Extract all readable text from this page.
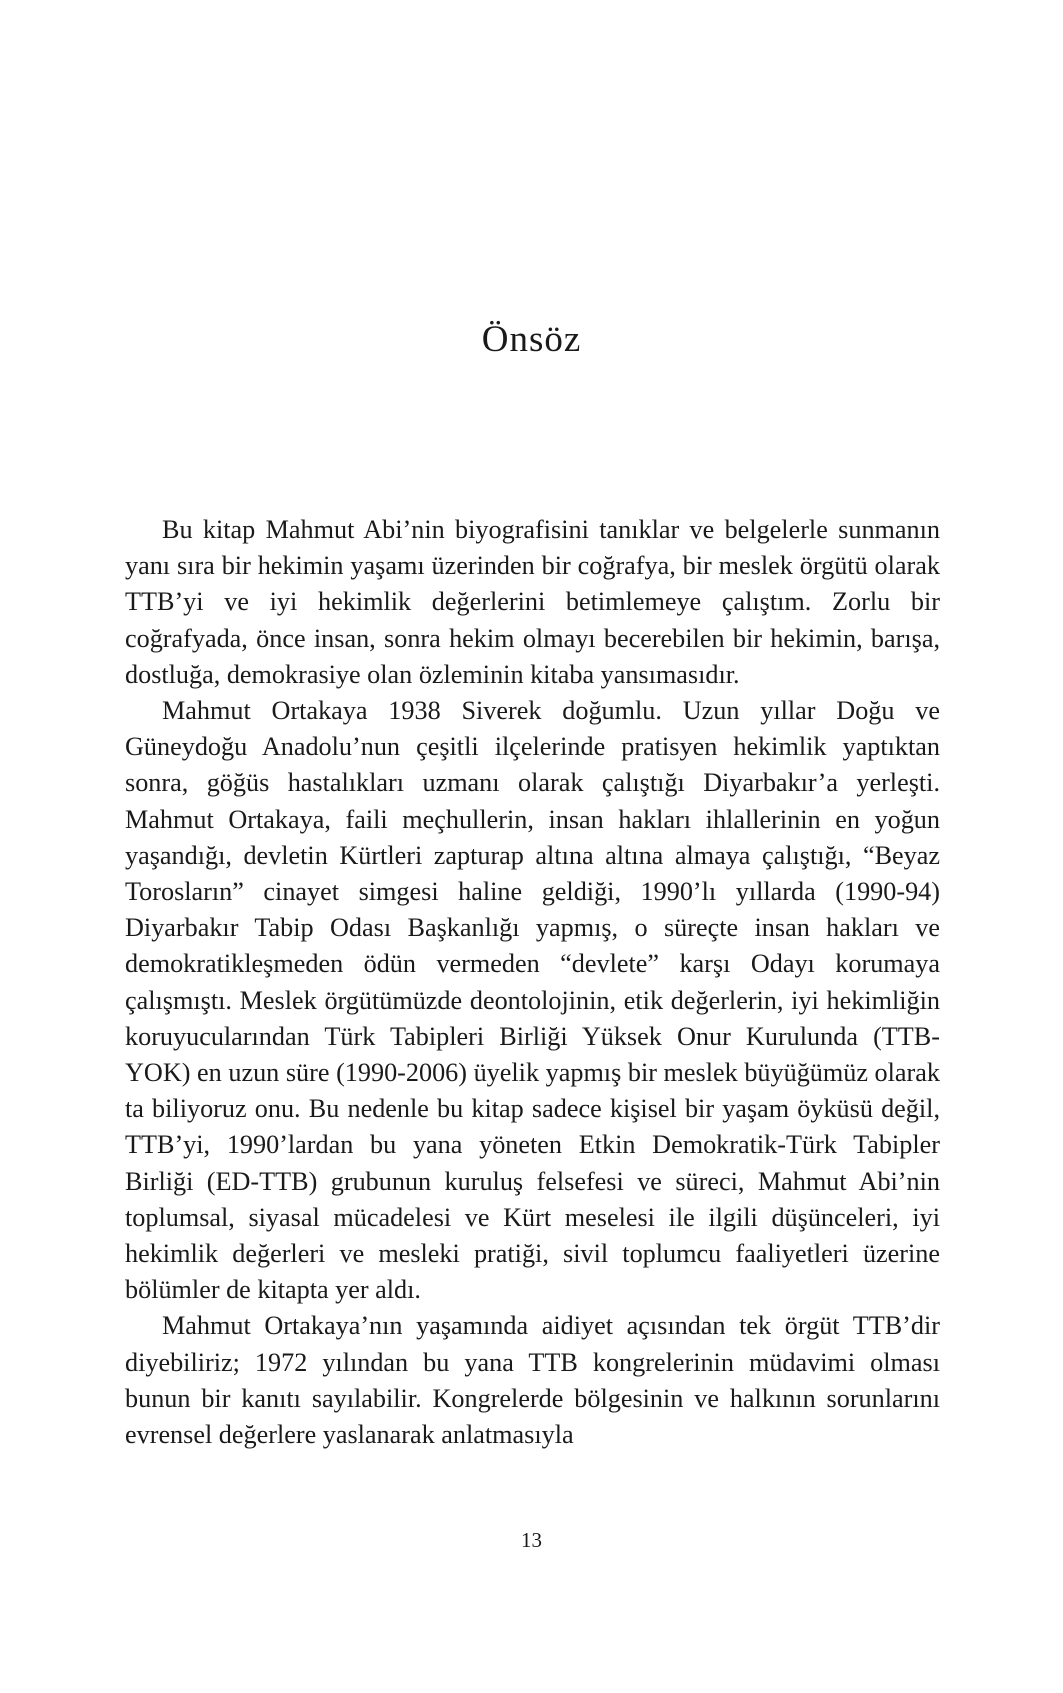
Önsöz

Bu kitap Mahmut Abi’nin biyografisini tanıklar ve belgelerle sunmanın yanı sıra bir hekimin yaşamı üzerinden bir coğrafya, bir meslek örgütü olarak TTB’yi ve iyi hekimlik değerlerini betimlemeye çalıştım. Zorlu bir coğrafyada, önce insan, sonra hekim olmayı becerebilen bir hekimin, barışa, dostluğa, demokrasiye olan özleminin kitaba yansımasıdır.

Mahmut Ortakaya 1938 Siverek doğumlu. Uzun yıllar Doğu ve Güneydoğu Anadolu’nun çeşitli ilçelerinde pratisyen hekimlik yaptıktan sonra, göğüs hastalıkları uzmanı olarak çalıştığı Diyarbakır’a yerleşti. Mahmut Ortakaya, faili meçhullerin, insan hakları ihlallerinin en yoğun yaşandığı, devletin Kürtleri zapturap altına altına almaya çalıştığı, “Beyaz Torosların” cinayet simgesi haline geldiği, 1990’lı yıllarda (1990-94) Diyarbakır Tabip Odası Başkanlığı yapmış, o süreçte insan hakları ve demokratikleşmeden ödün vermeden “devlete” karşı Odayı korumaya çalışmıştı. Meslek örgütümüzde deontolojinin, etik değerlerin, iyi hekimliğin koruyucularından Türk Tabipleri Birliği Yüksek Onur Kurulunda (TTB-YOK) en uzun süre (1990-2006) üyelik yapmış bir meslek büyüğümüz olarak ta biliyoruz onu. Bu nedenle bu kitap sadece kişisel bir yaşam öyküsü değil, TTB’yi, 1990’lardan bu yana yöneten Etkin Demokratik-Türk Tabipler Birliği (ED-TTB) grubunun kuruluş felsefesi ve süreci, Mahmut Abi’nin toplumsal, siyasal mücadelesi ve Kürt meselesi ile ilgili düşünceleri, iyi hekimlik değerleri ve mesleki pratiği, sivil toplumcu faaliyetleri üzerine bölümler de kitapta yer aldı.

Mahmut Ortakaya’nın yaşamında aidiyet açısından tek örgüt TTB’dir diyebiliriz; 1972 yılından bu yana TTB kongrelerinin müdavimi olması bunun bir kanıtı sayılabilir. Kongrelerde bölgesinin ve halkının sorunlarını evrensel değerlere yaslanarak anlatmasıyla

13
